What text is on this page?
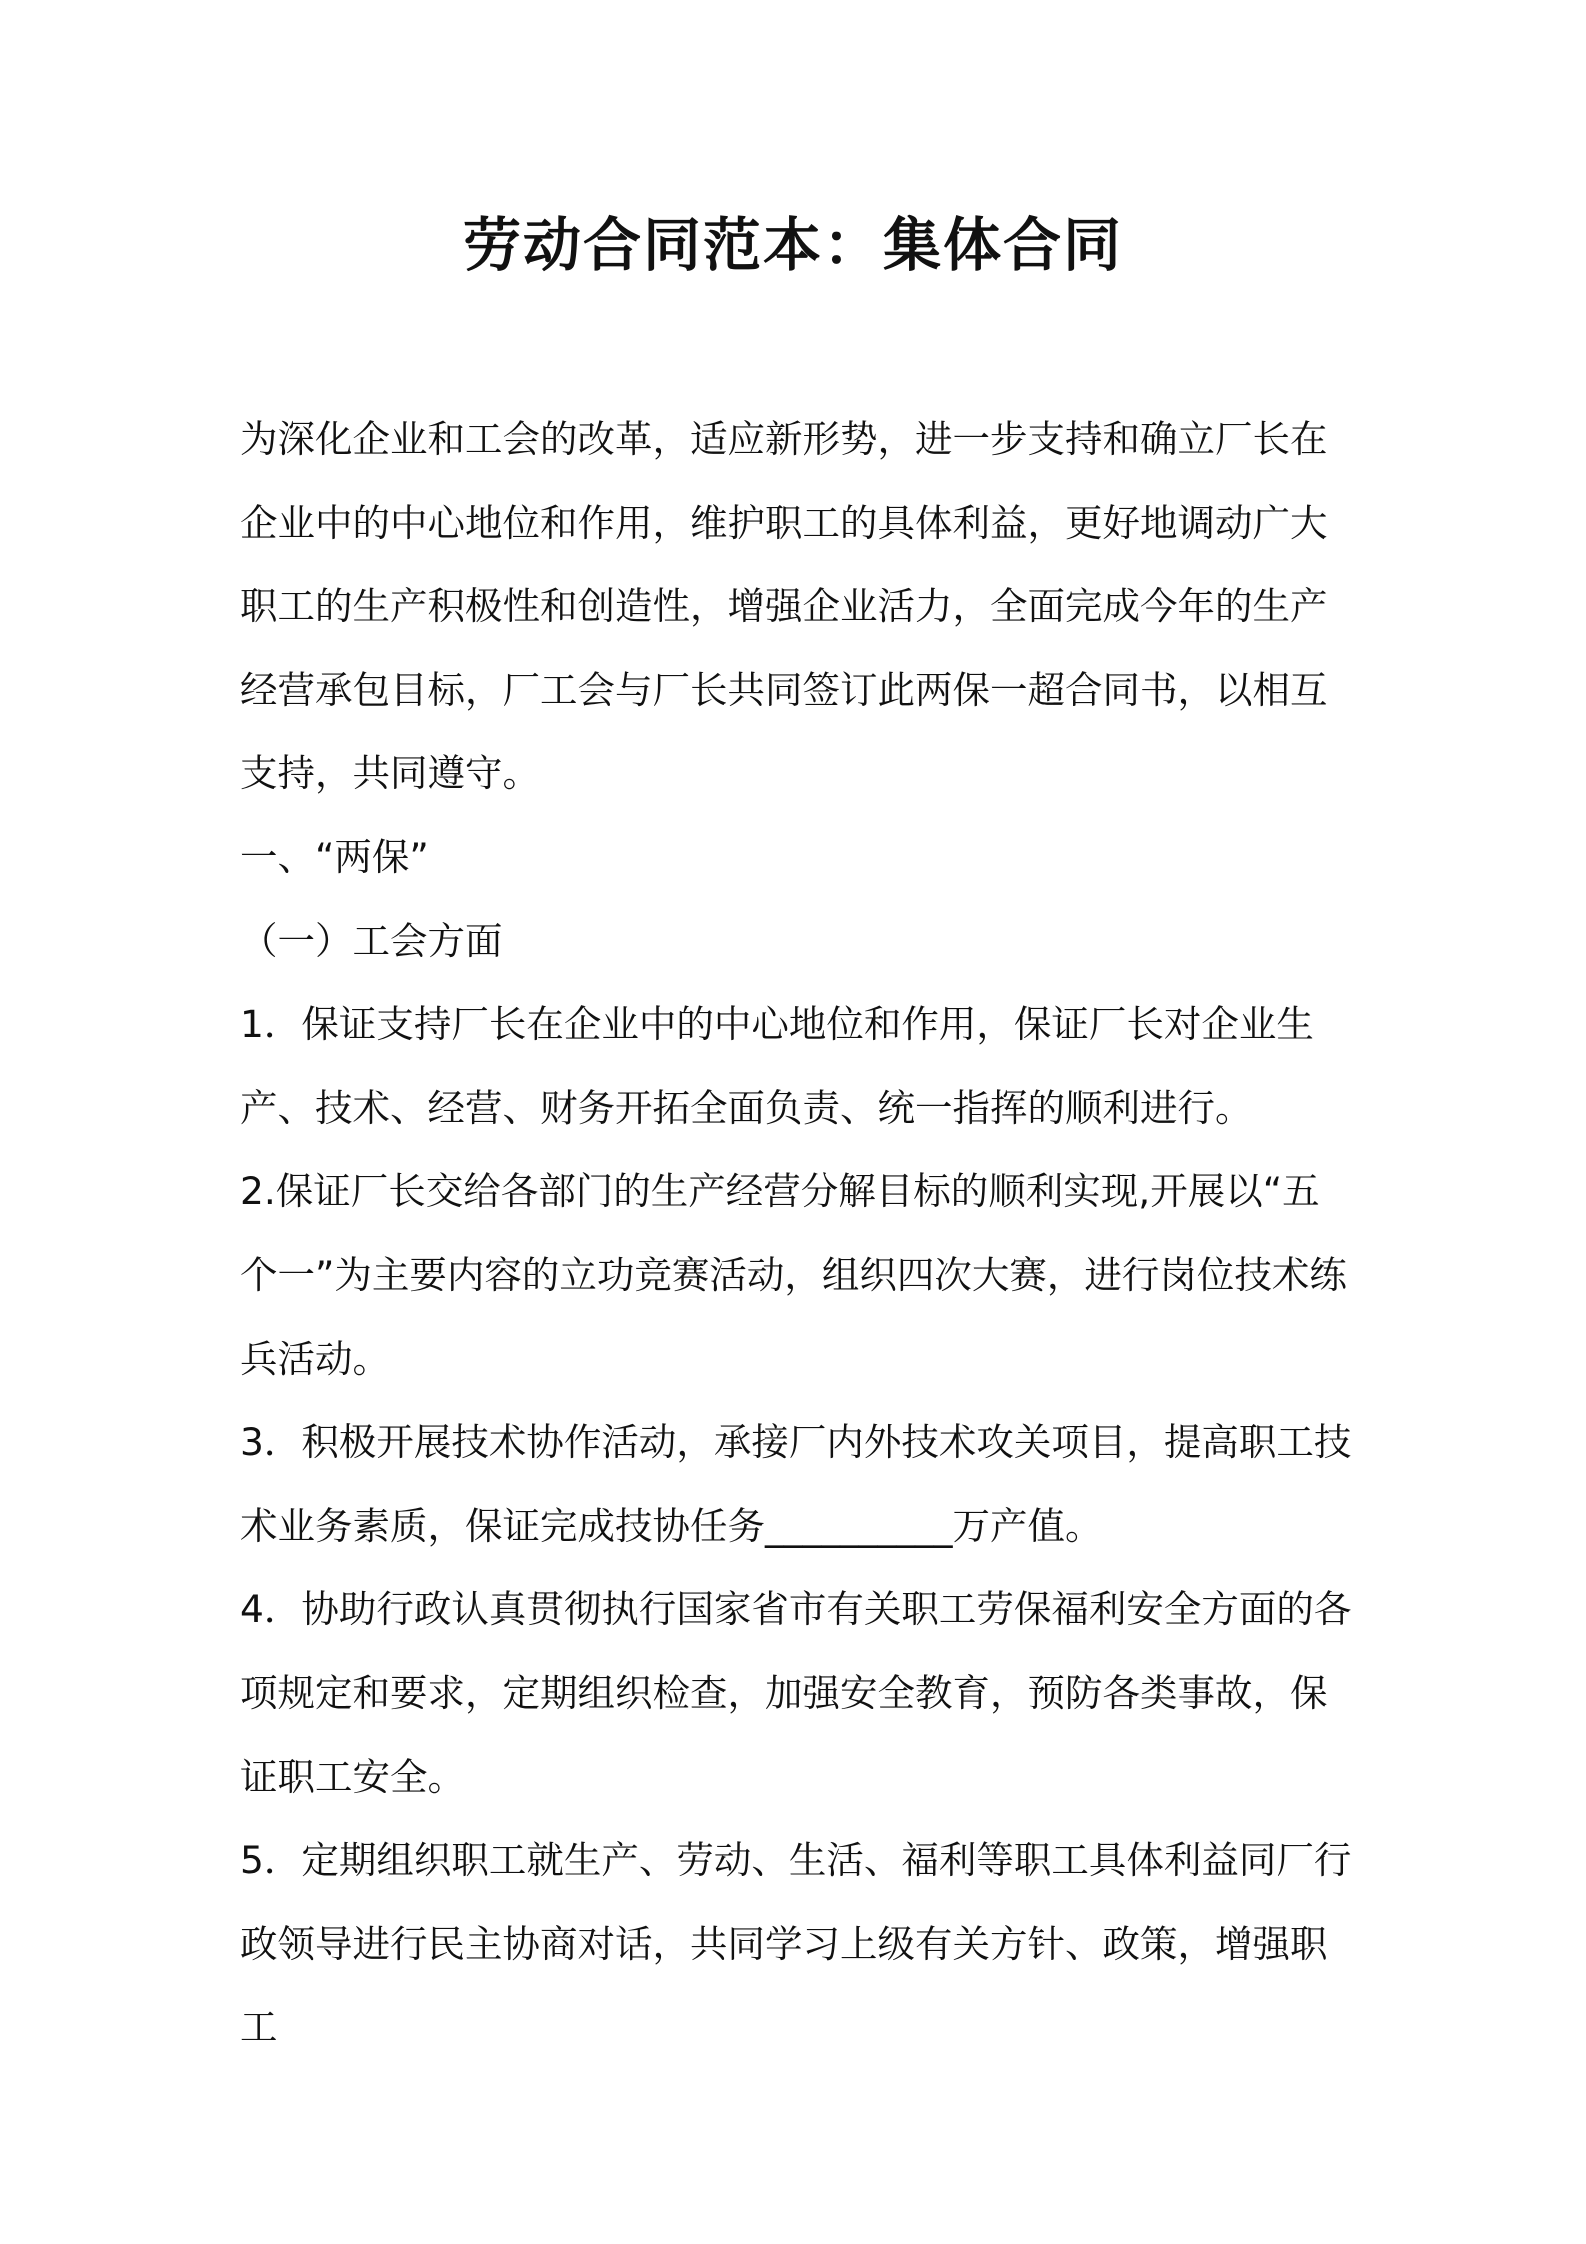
劳动合同范本：集体合同

为深化企业和工会的改革，适应新形势，进一步支持和确立厂长在企业中的中心地位和作用，维护职工的具体利益，更好地调动广大职工的生产积极性和创造性，增强企业活力，全面完成今年的生产经营承包目标，厂工会与厂长共同签订此两保一超合同书，以相互支持，共同遵守。

一、“两保”

（一）工会方面

1．保证支持厂长在企业中的中心地位和作用，保证厂长对企业生产、技术、经营、财务开拓全面负责、统一指挥的顺利进行。

2.保证厂长交给各部门的生产经营分解目标的顺利实现,开展以“五个一”为主要内容的立功竞赛活动，组织四次大赛，进行岗位技术练兵活动。

3．积极开展技术协作活动，承接厂内外技术攻关项目，提高职工技术业务素质，保证完成技协任务__________万产值。

4．协助行政认真贯彻执行国家省市有关职工劳保福利安全方面的各项规定和要求，定期组织检查，加强安全教育，预防各类事故，保证职工安全。

5．定期组织职工就生产、劳动、生活、福利等职工具体利益同厂行政领导进行民主协商对话，共同学习上级有关方针、政策，增强职工
